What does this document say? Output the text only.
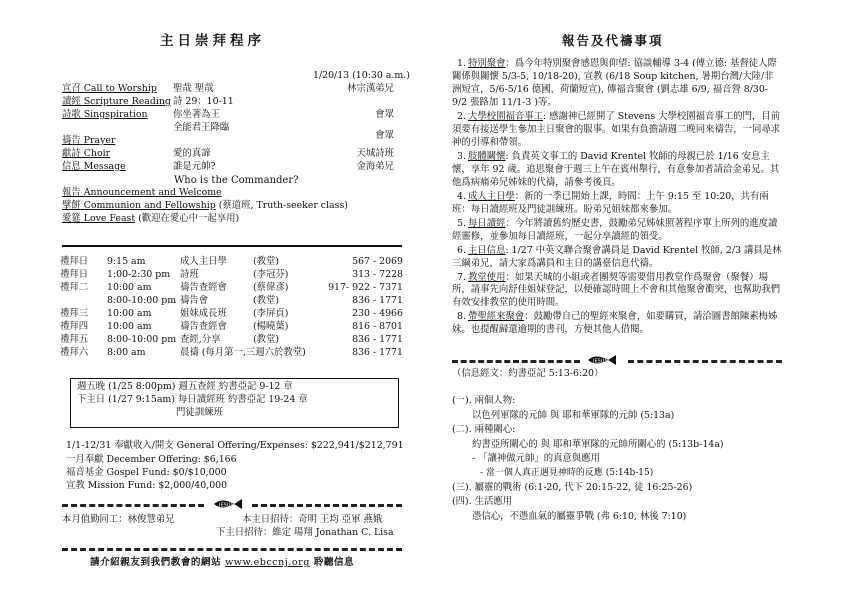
主日崇拜程序
1/20/13 (10:30 a.m.)
宣召 Call to Worship 聖哉 聖哉	林宗漢弟兄
讀經 Scripture Reading 詩 29：10-11
詩歌 Singspiration	你坐著為王	會眾
全能君王降臨
禱告 Prayer	會眾
獻詩 Choir	愛的真諦	天城詩班
信息 Message	誰是元帥?	金海弟兄
Who is the Commander?
報告 Announcement and Welcome
擘餅 Communion and Fellowship (蔡道班, Truth-seeker class)
愛筵 Love Feast (歡迎在愛心中一起享用)
禮拜日	9:15 am	成人主日學	(教堂)	567 - 2069
禮拜日	1:00-2:30 pm	詩班	(李冠芬)	313 - 7228
禮拜二	10:00 am	禱告查經會	(蔡偉彥)	917- 922 - 7371
	8:00-10:00 pm	禱告會	(教堂)	836 - 1771
禮拜三	10:00 am	姐妹成長班	(李屏貞)	230 - 4966
禮拜四	10:00 am	禱告查經會	(楊曉葉)	816 - 8701
禮拜五	8:00-10:00 pm	查經,分享	(教堂)	836 - 1771
禮拜六	8:00 am	晨禱 (每月第一,三週六於教堂)		836 - 1771
週五晚 (1/25 8:00pm) 週五查經 約書亞記 9-12 章
下主日 (1/27 9:15am) 每日讀經班 約書亞記 19-24 章
門徒訓練班
1/1-12/31 奉獻收入/開支 General Offering/Expenses: $222,941/$212,791
一月奉獻 December Offering: $6,166
福音基金 Gospel Fund: $0/$10,000
宣教 Mission Fund: $2,000/40,000
JESUS
本月值勤同工：林俊慧弟兄	本主日招待：奇明 王均 亞軍 燕娥
下主日招待：維定 瑒翔 Jonathan C. Lisa
請介紹親友到我們教會的網站 www.ebccnj.org 聆聽信息
報告及代禱事項
1. 特別聚會：爲今年特別聚會感恩與仰望: 協談輔導 3-4 (傅立德: 基督徒人際關係與關懷 5/3-5, 10/18-20), 宣教 (6/18 Soup kitchen, 暑期台灣/大陸/非洲短宣，5/6-5/16 德國、荷蘭短宣), 傳福音聚會 (劉志雄 6/9, 福音營 8/30-9/2 張路加 11/1-3 )等。
2. 大學校園福音事工: 感謝神已經開了 Stevens 大學校園福音事工的門，目前須要有接送學生參加主日聚會的服事。如果有負擔請週二晚同來禱告，一同尋求神的引導和帶領。
3. 肢體關懷: 負責英文事工的 David Krentel 牧師的母親已於 1/16 安息主懷，享年 92 歲。追思聚會于週三上午在賓州舉行，有意參加者請洽金弟兄。其他爲病痛弟兄姊妹的代禱，請參考後頁。
4. 成人主日學：新的一季已開始上課，時間：上午 9:15 至 10:20，共有兩班：每日讀經班及門徒訓練班。盼弟兄姐妹都來參加。
5. 每日讀經：今年將讀舊約歷史書，鼓勵弟兄姊妹照著程序單上所列的進度讀經靈修，並參加每日讀經班，一起分享讀經的領受。
6. 主日信息: 1/27 中英文聯合聚會講員是 David Krentel 牧師, 2/3 講員是林三綱弟兄，請大家爲講員和主日的講臺信息代禱。
7. 教堂使用：如果天城的小組或者團契等需要借用教堂作爲聚會（聚餐）場所，請事先向舒佳姐妹登記，以便確認時間上不會和其他聚會衝突，也幫助我們有效安排教堂的使用時間。
8. 帶聖經來聚會：鼓勵帶自己的聖經來聚會，如要購買，請洽圖書館陳素梅姊妹。也提醒歸還逾期的書刊，方便其他人借閱。
JESUS
（信息經文：約書亞記 5:13-6:20）
(一). 兩個人物:
以色列軍隊的元帥 與 耶和華軍隊的元帥 (5:13a)
(二). 兩種關心:
約書亞所關心的 與 耶和華軍隊的元帥所關心的 (5:13b-14a)
- 「讓神做元帥」的真意與應用
- 當一個人真正遇見神時的反應 (5:14b-15)
(三). 屬靈的戰術 (6:1-20, 代下 20:15-22, 徒 16:25-26)
(四). 生活應用
憑信心，不憑血氣的屬靈爭戰 (弗 6:10, 林後 7:10)
